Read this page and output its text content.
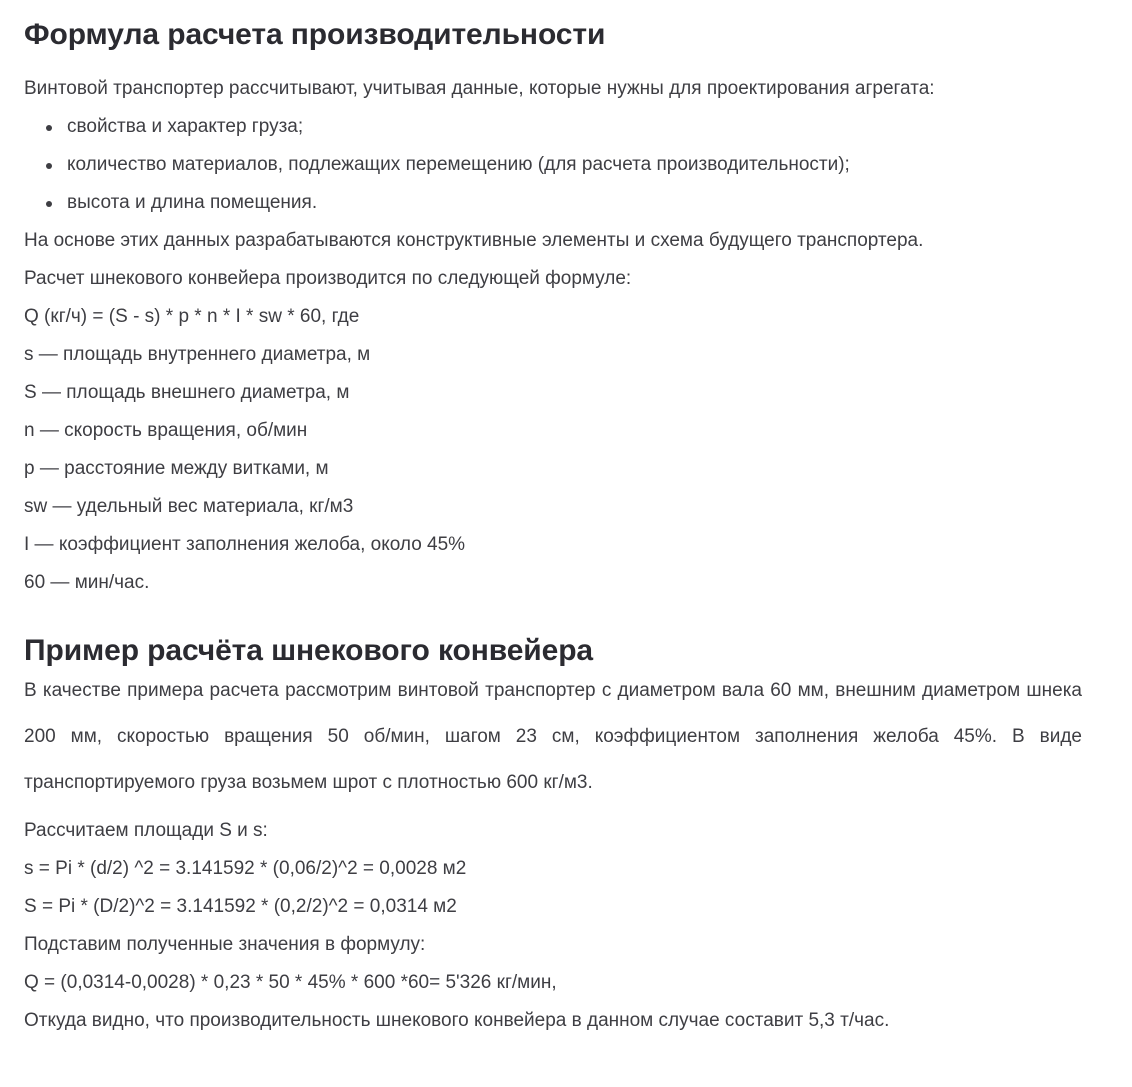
Формула расчета производительности

Винтовой транспортер рассчитывают, учитывая данные, которые нужны для проектирования агрегата:

свойства и характер груза;
количество материалов, подлежащих перемещению (для расчета производительности);
высота и длина помещения.

На основе этих данных разрабатываются конструктивные элементы и схема будущего транспортера.

Расчет шнекового конвейера производится по следующей формуле:

Q (кг/ч) = (S - s) * p * n * I * sw * 60, где

s — площадь внутреннего диаметра, м

S — площадь внешнего диаметра, м

n — скорость вращения, об/мин

p — расстояние между витками, м

sw — удельный вес материала, кг/м3

I — коэффициент заполнения желоба, около 45%

60 — мин/час.

Пример расчёта шнекового конвейера

В качестве примера расчета рассмотрим винтовой транспортер с диаметром вала 60 мм, внешним диаметром шнека 200 мм, скоростью вращения 50 об/мин, шагом 23 см, коэффициентом заполнения желоба 45%. В виде транспортируемого груза возьмем шрот с плотностью 600 кг/м3.

Рассчитаем площади S и s:

s = Pi * (d/2) ^2 = 3.141592 * (0,06/2)^2 = 0,0028 м2

S = Pi * (D/2)^2 = 3.141592 * (0,2/2)^2 = 0,0314 м2

Подставим полученные значения в формулу:

Q = (0,0314-0,0028) * 0,23 * 50 * 45% * 600 *60= 5'326 кг/мин,

Откуда видно, что производительность шнекового конвейера в данном случае составит 5,3 т/час.
